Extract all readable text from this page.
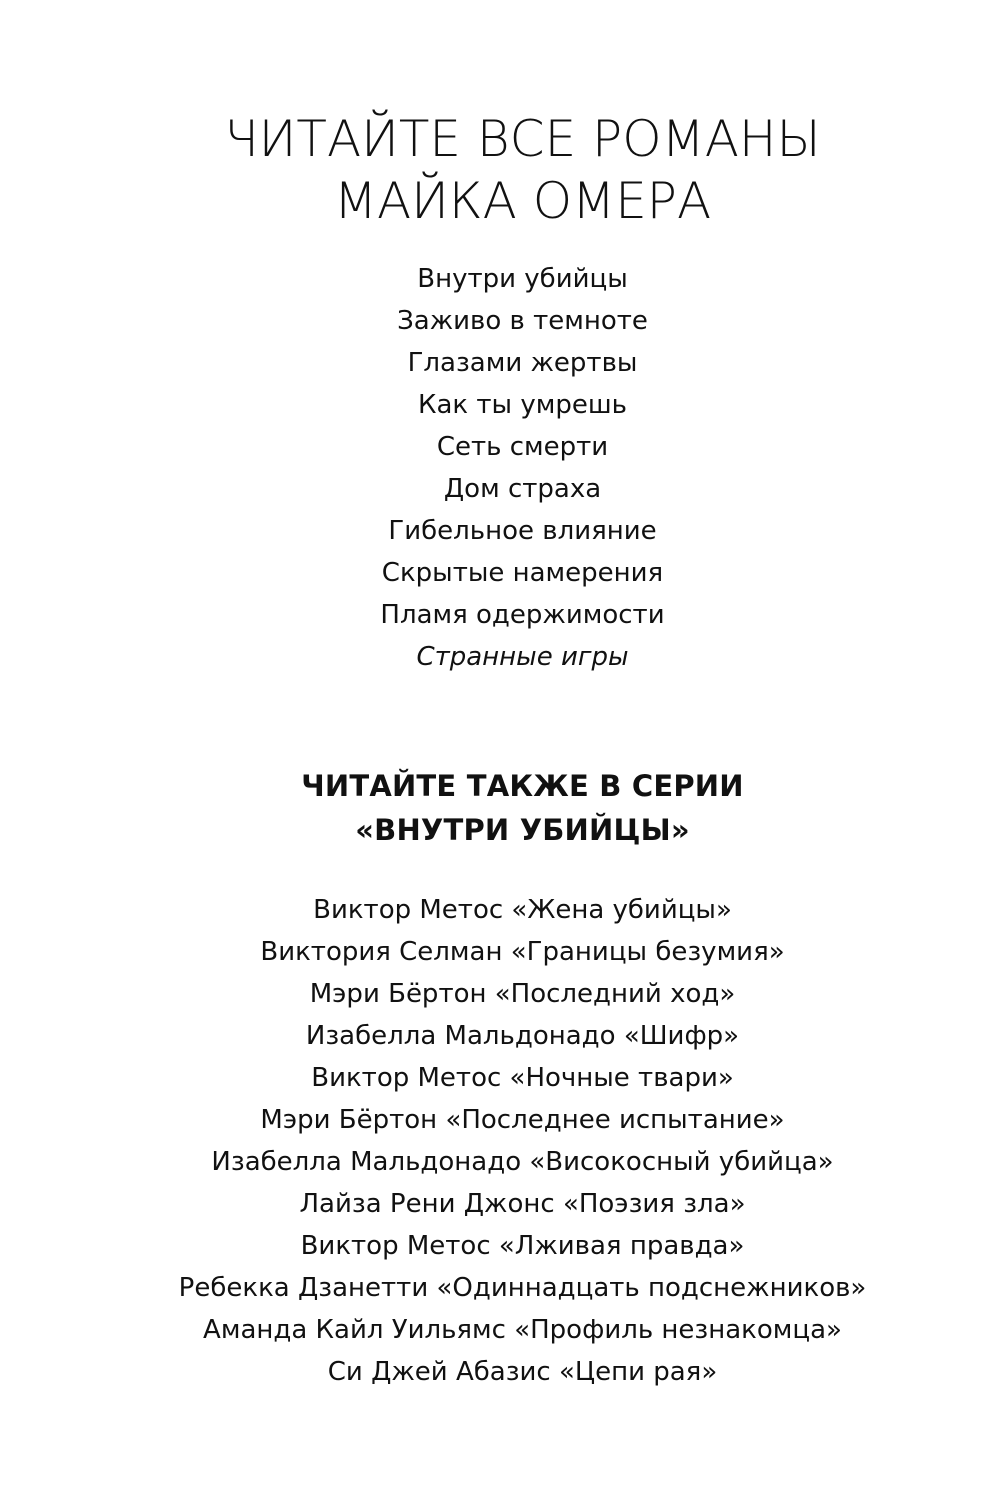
ЧИТАЙТЕ ВСЕ РОМАНЫ
МАЙКА ОМЕРА
Внутри убийцы
Заживо в темноте
Глазами жертвы
Как ты умрешь
Сеть смерти
Дом страха
Гибельное влияние
Скрытые намерения
Пламя одержимости
Странные игры
ЧИТАЙТЕ ТАКЖЕ В СЕРИИ
«ВНУТРИ УБИЙЦЫ»
Виктор Метос «Жена убийцы»
Виктория Селман «Границы безумия»
Мэри Бёртон «Последний ход»
Изабелла Мальдонадо «Шифр»
Виктор Метос «Ночные твари»
Мэри Бёртон «Последнее испытание»
Изабелла Мальдонадо «Високосный убийца»
Лайза Рени Джонс «Поэзия зла»
Виктор Метос «Лживая правда»
Ребекка Дзанетти «Одиннадцать подснежников»
Аманда Кайл Уильямс «Профиль незнакомца»
Си Джей Абазис «Цепи рая»
